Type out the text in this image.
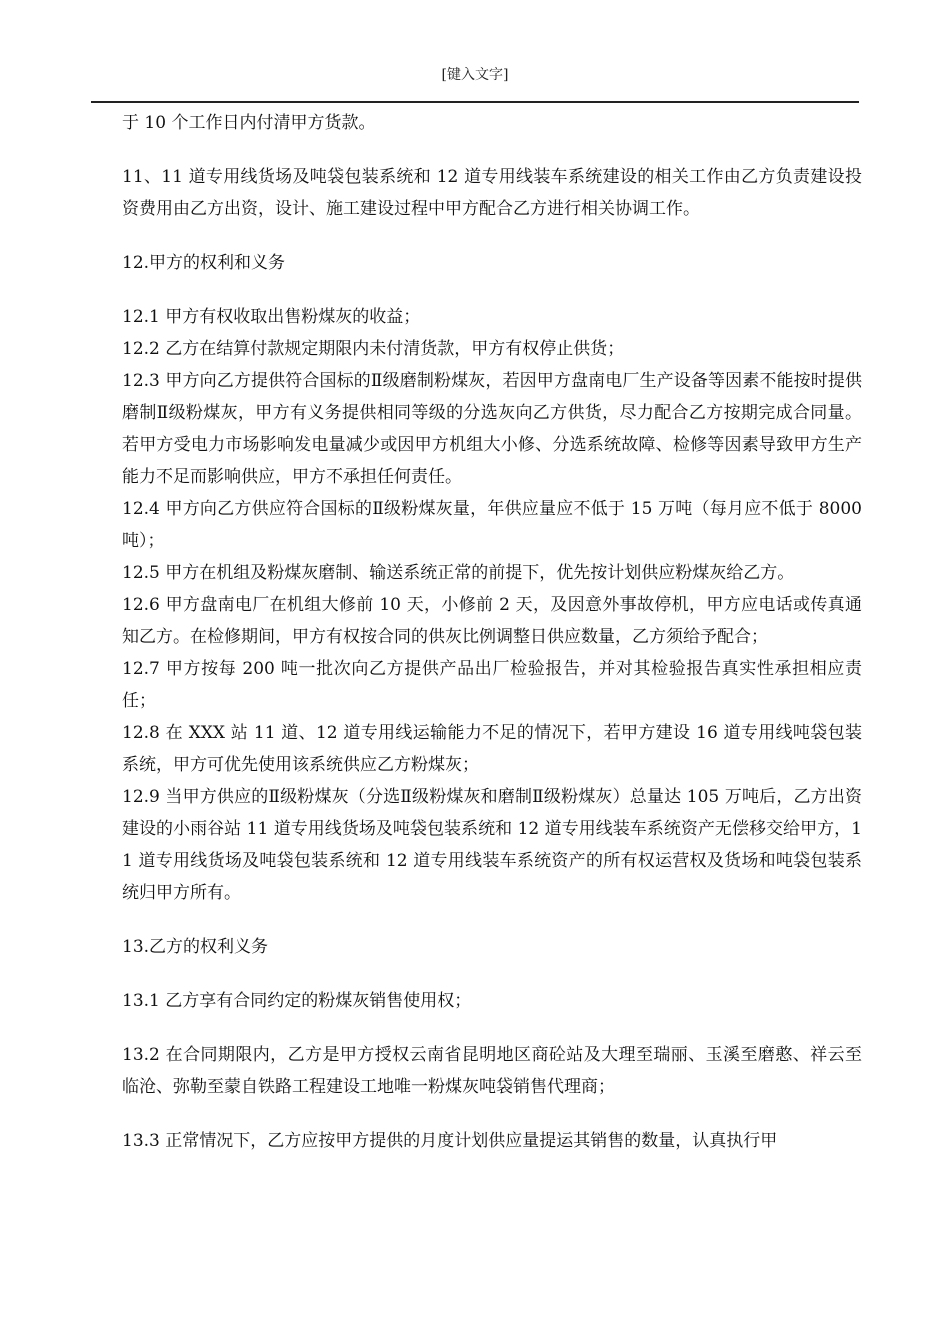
[键入文字]

于 10 个工作日内付清甲方货款。

11、11 道专用线货场及吨袋包装系统和 12 道专用线装车系统建设的相关工作由乙方负责建设投资费用由乙方出资，设计、施工建设过程中甲方配合乙方进行相关协调工作。

12.甲方的权利和义务

12.1 甲方有权收取出售粉煤灰的收益；

12.2 乙方在结算付款规定期限内未付清货款，甲方有权停止供货；

12.3 甲方向乙方提供符合国标的Ⅱ级磨制粉煤灰，若因甲方盘南电厂生产设备等因素不能按时提供磨制Ⅱ级粉煤灰，甲方有义务提供相同等级的分选灰向乙方供货，尽力配合乙方按期完成合同量。若甲方受电力市场影响发电量减少或因甲方机组大小修、分选系统故障、检修等因素导致甲方生产能力不足而影响供应，甲方不承担任何责任。

12.4 甲方向乙方供应符合国标的Ⅱ级粉煤灰量，年供应量应不低于 15 万吨（每月应不低于 8000 吨）；

12.5 甲方在机组及粉煤灰磨制、输送系统正常的前提下，优先按计划供应粉煤灰给乙方。

12.6 甲方盘南电厂在机组大修前 10 天，小修前 2 天，及因意外事故停机，甲方应电话或传真通知乙方。在检修期间，甲方有权按合同的供灰比例调整日供应数量，乙方须给予配合；

12.7 甲方按每 200 吨一批次向乙方提供产品出厂检验报告，并对其检验报告真实性承担相应责任；

12.8 在 XXX 站 11 道、12 道专用线运输能力不足的情况下，若甲方建设 16 道专用线吨袋包装系统，甲方可优先使用该系统供应乙方粉煤灰；

12.9 当甲方供应的Ⅱ级粉煤灰（分选Ⅱ级粉煤灰和磨制Ⅱ级粉煤灰）总量达 105 万吨后，乙方出资建设的小雨谷站 11 道专用线货场及吨袋包装系统和 12 道专用线装车系统资产无偿移交给甲方，11 道专用线货场及吨袋包装系统和 12 道专用线装车系统资产的所有权运营权及货场和吨袋包装系统归甲方所有。

13.乙方的权利义务

13.1 乙方享有合同约定的粉煤灰销售使用权；

13.2 在合同期限内，乙方是甲方授权云南省昆明地区商砼站及大理至瑞丽、玉溪至磨憨、祥云至临沧、弥勒至蒙自铁路工程建设工地唯一粉煤灰吨袋销售代理商；

13.3 正常情况下，乙方应按甲方提供的月度计划供应量提运其销售的数量，认真执行甲
